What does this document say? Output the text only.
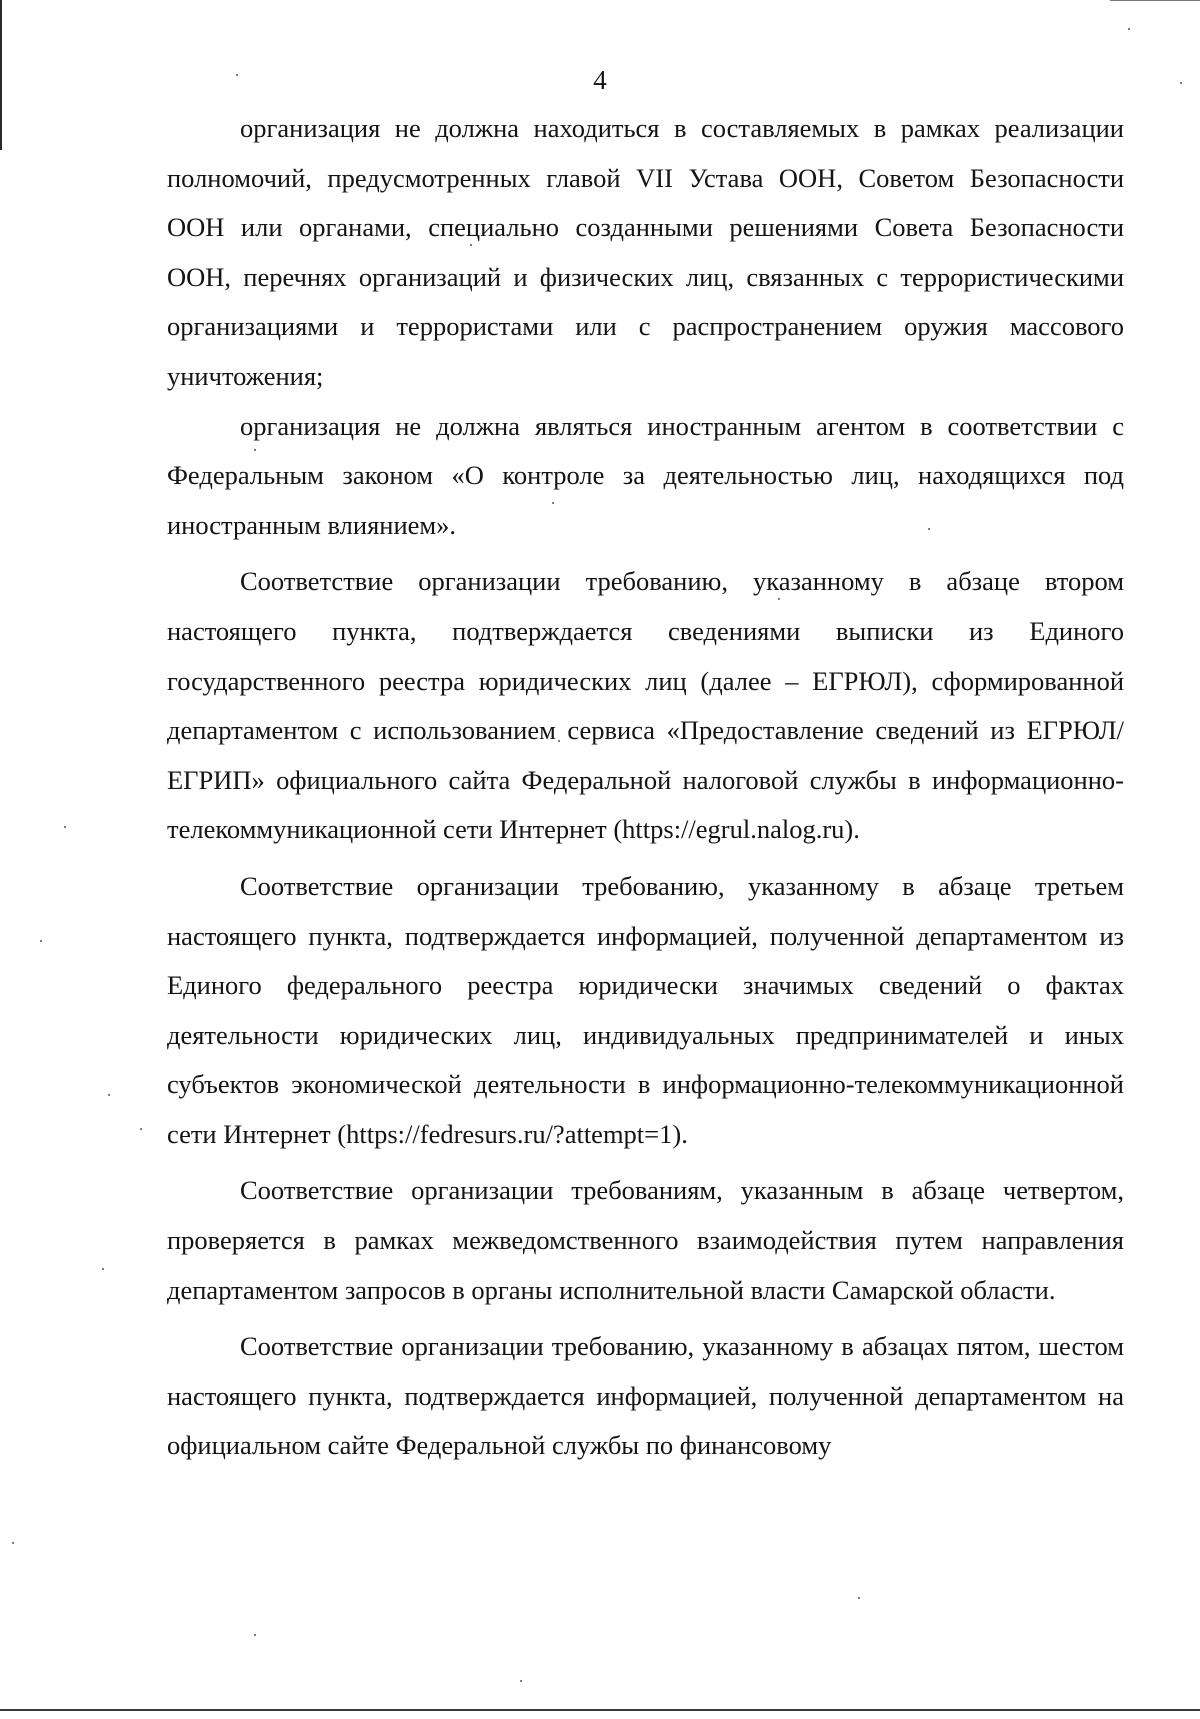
4

организация не должна находиться в составляемых в рамках реализации полномочий, предусмотренных главой VII Устава ООН, Советом Безопасности ООН или органами, специально созданными решениями Совета Безопасности ООН, перечнях организаций и физических лиц, связанных с террористическими организациями и террористами или с распространением оружия массового уничтожения;

организация не должна являться иностранным агентом в соответствии с Федеральным законом «О контроле за деятельностью лиц, находящихся под иностранным влиянием».

Соответствие организации требованию, указанному в абзаце втором настоящего пункта, подтверждается сведениями выписки из Единого государственного реестра юридических лиц (далее – ЕГРЮЛ), сформированной департаментом с использованием сервиса «Предоставление сведений из ЕГРЮЛ/ЕГРИП» официального сайта Федеральной налоговой службы в информационно-телекоммуникационной сети Интернет (https://egrul.nalog.ru).

Соответствие организации требованию, указанному в абзаце третьем настоящего пункта, подтверждается информацией, полученной департаментом из Единого федерального реестра юридически значимых сведений о фактах деятельности юридических лиц, индивидуальных предпринимателей и иных субъектов экономической деятельности в информационно-телекоммуникационной сети Интернет (https://fedresurs.ru/?attempt=1).

Соответствие организации требованиям, указанным в абзаце четвертом, проверяется в рамках межведомственного взаимодействия путем направления департаментом запросов в органы исполнительной власти Самарской области.

Соответствие организации требованию, указанному в абзацах пятом, шестом настоящего пункта, подтверждается информацией, полученной департаментом на официальном сайте Федеральной службы по финансовому
